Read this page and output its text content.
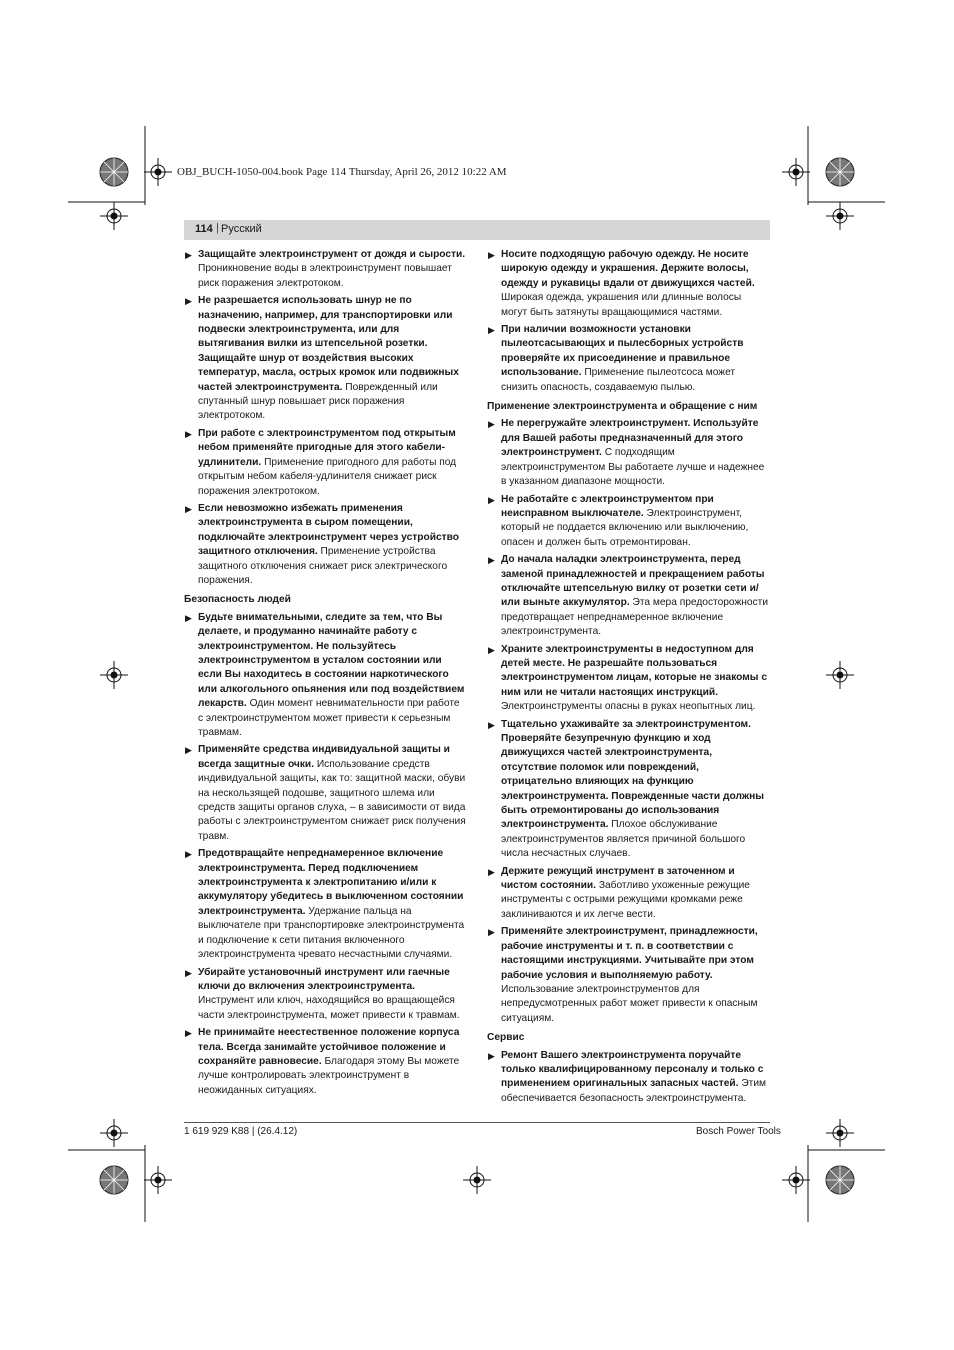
OBJ_BUCH-1050-004.book Page 114 Thursday, April 26, 2012 10:22 AM
114 | Русский
▶ Защищайте электроинструмент от дождя и сырости. Проникновение воды в электроинструмент повышает риск поражения электротоком.
▶ Не разрешается использовать шнур не по назначению, например, для транспортировки или подвески электроинструмента, или для вытягивания вилки из штепсельной розетки. Защищайте шнур от воздействия высоких температур, масла, острых кромок или подвижных частей электроинструмента. Поврежденный или спутанный шнур повышает риск поражения электротоком.
▶ При работе с электроинструментом под открытым небом применяйте пригодные для этого кабели-удлинители. Применение пригодного для работы под открытым небом кабеля-удлинителя снижает риск поражения электротоком.
▶ Если невозможно избежать применения электроинструмента в сыром помещении, подключайте электроинструмент через устройство защитного отключения. Применение устройства защитного отключения снижает риск электрического поражения.
Безопасность людей
▶ Будьте внимательными, следите за тем, что Вы делаете, и продуманно начинайте работу с электроинструментом. Не пользуйтесь электроинструментом в усталом состоянии или если Вы находитесь в состоянии наркотического или алкогольного опьянения или под воздействием лекарств. Один момент невнимательности при работе с электроинструментом может привести к серьезным травмам.
▶ Применяйте средства индивидуальной защиты и всегда защитные очки. Использование средств индивидуальной защиты, как то: защитной маски, обуви на нескользящей подошве, защитного шлема или средств защиты органов слуха, – в зависимости от вида работы с электроинструментом снижает риск получения травм.
▶ Предотвращайте непреднамеренное включение электроинструмента. Перед подключением электроинструмента к электропитанию и/или к аккумулятору убедитесь в выключенном состоянии электроинструмента. Удержание пальца на выключателе при транспортировке электроинструмента и подключение к сети питания включенного электроинструмента чревато несчастными случаями.
▶ Убирайте установочный инструмент или гаечные ключи до включения электроинструмента. Инструмент или ключ, находящийся во вращающейся части электроинструмента, может привести к травмам.
▶ Не принимайте неестественное положение корпуса тела. Всегда занимайте устойчивое положение и сохраняйте равновесие. Благодаря этому Вы можете лучше контролировать электроинструмент в неожиданных ситуациях.
▶ Носите подходящую рабочую одежду. Не носите широкую одежду и украшения. Держите волосы, одежду и рукавицы вдали от движущихся частей. Широкая одежда, украшения или длинные волосы могут быть затянуты вращающимися частями.
▶ При наличии возможности установки пылеотсасывающих и пылесборных устройств проверяйте их присоединение и правильное использование. Применение пылеотсоса может снизить опасность, создаваемую пылью.
Применение электроинструмента и обращение с ним
▶ Не перегружайте электроинструмент. Используйте для Вашей работы предназначенный для этого электроинструмент. С подходящим электроинструментом Вы работаете лучше и надежнее в указанном диапазоне мощности.
▶ Не работайте с электроинструментом при неисправном выключателе. Электроинструмент, который не поддается включению или выключению, опасен и должен быть отремонтирован.
▶ До начала наладки электроинструмента, перед заменой принадлежностей и прекращением работы отключайте штепсельную вилку от розетки сети и/или выньте аккумулятор. Эта мера предосторожности предотвращает непреднамеренное включение электроинструмента.
▶ Храните электроинструменты в недоступном для детей месте. Не разрешайте пользоваться электроинструментом лицам, которые не знакомы с ним или не читали настоящих инструкций. Электроинструменты опасны в руках неопытных лиц.
▶ Тщательно ухаживайте за электроинструментом. Проверяйте безупречную функцию и ход движущихся частей электроинструмента, отсутствие поломок или повреждений, отрицательно влияющих на функцию электроинструмента. Поврежденные части должны быть отремонтированы до использования электроинструмента. Плохое обслуживание электроинструментов является причиной большого числа несчастных случаев.
▶ Держите режущий инструмент в заточенном и чистом состоянии. Заботливо ухоженные режущие инструменты с острыми режущими кромками реже заклиниваются и их легче вести.
▶ Применяйте электроинструмент, принадлежности, рабочие инструменты и т. п. в соответствии с настоящими инструкциями. Учитывайте при этом рабочие условия и выполняемую работу. Использование электроинструментов для непредусмотренных работ может привести к опасным ситуациям.
Сервис
▶ Ремонт Вашего электроинструмента поручайте только квалифицированному персоналу и только с применением оригинальных запасных частей. Этим обеспечивается безопасность электроинструмента.
1 619 929 K88 | (26.4.12)	Bosch Power Tools
